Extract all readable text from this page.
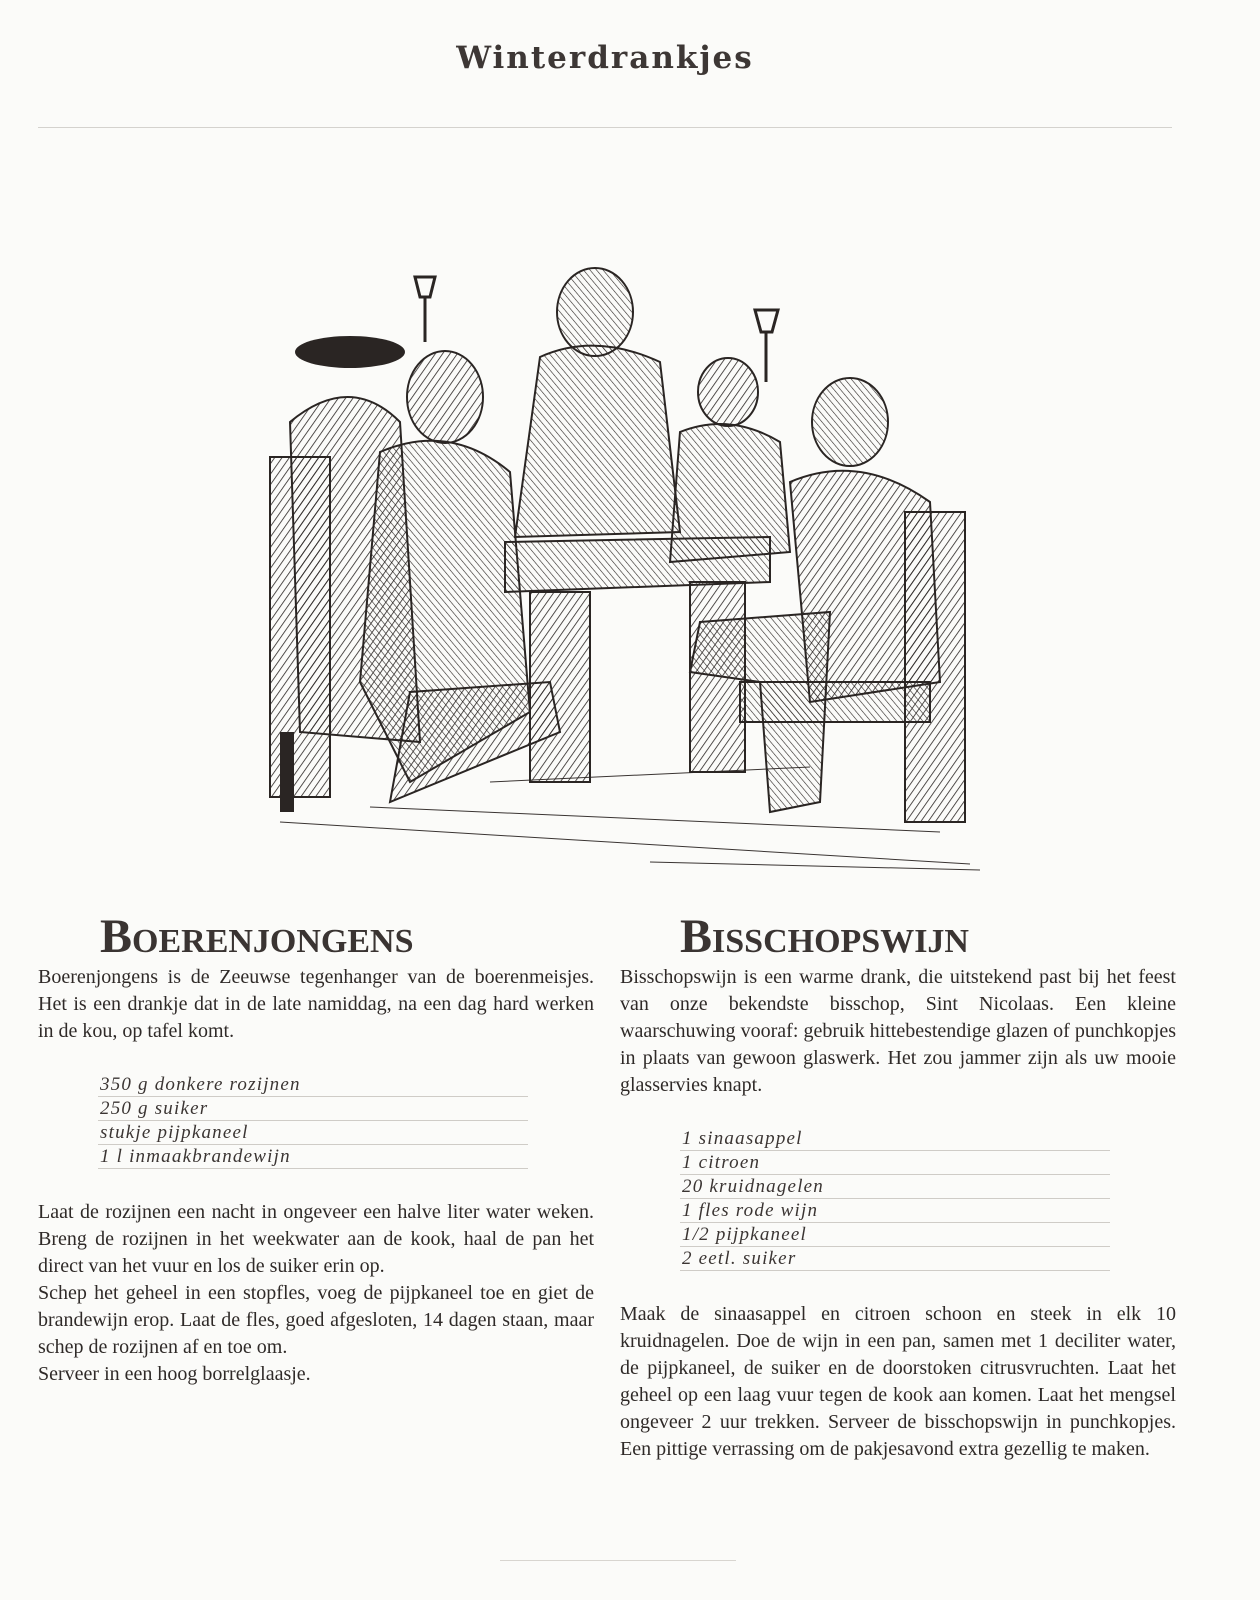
Winterdrankjes
Boerenjongens

Boerenjongens is de Zeeuwse tegenhanger van de boerenmeisjes. Het is een drankje dat in de late namiddag, na een dag hard werken in de kou, op tafel komt.

350 g donkere rozijnen
250 g suiker
stukje pijpkaneel
1 l inmaakbrandewijn

Laat de rozijnen een nacht in ongeveer een halve liter water weken. Breng de rozijnen in het weekwater aan de kook, haal de pan het direct van het vuur en los de suiker erin op.

Schep het geheel in een stopfles, voeg de pijpkaneel toe en giet de brandewijn erop. Laat de fles, goed afgesloten, 14 dagen staan, maar schep de rozijnen af en toe om.

Serveer in een hoog borrelglaasje.

Bisschopswijn

Bisschopswijn is een warme drank, die uitstekend past bij het feest van onze bekendste bisschop, Sint Nicolaas. Een kleine waarschuwing vooraf: gebruik hittebestendige glazen of punchkopjes in plaats van gewoon glaswerk. Het zou jammer zijn als uw mooie glasservies knapt.

1 sinaasappel
1 citroen
20 kruidnagelen
1 fles rode wijn
1/2 pijpkaneel
2 eetl. suiker

Maak de sinaasappel en citroen schoon en steek in elk 10 kruidnagelen. Doe de wijn in een pan, samen met 1 deciliter water, de pijpkaneel, de suiker en de doorstoken citrusvruchten. Laat het geheel op een laag vuur tegen de kook aan komen. Laat het mengsel ongeveer 2 uur trekken. Serveer de bisschopswijn in punchkopjes. Een pittige verrassing om de pakjesavond extra gezellig te maken.
